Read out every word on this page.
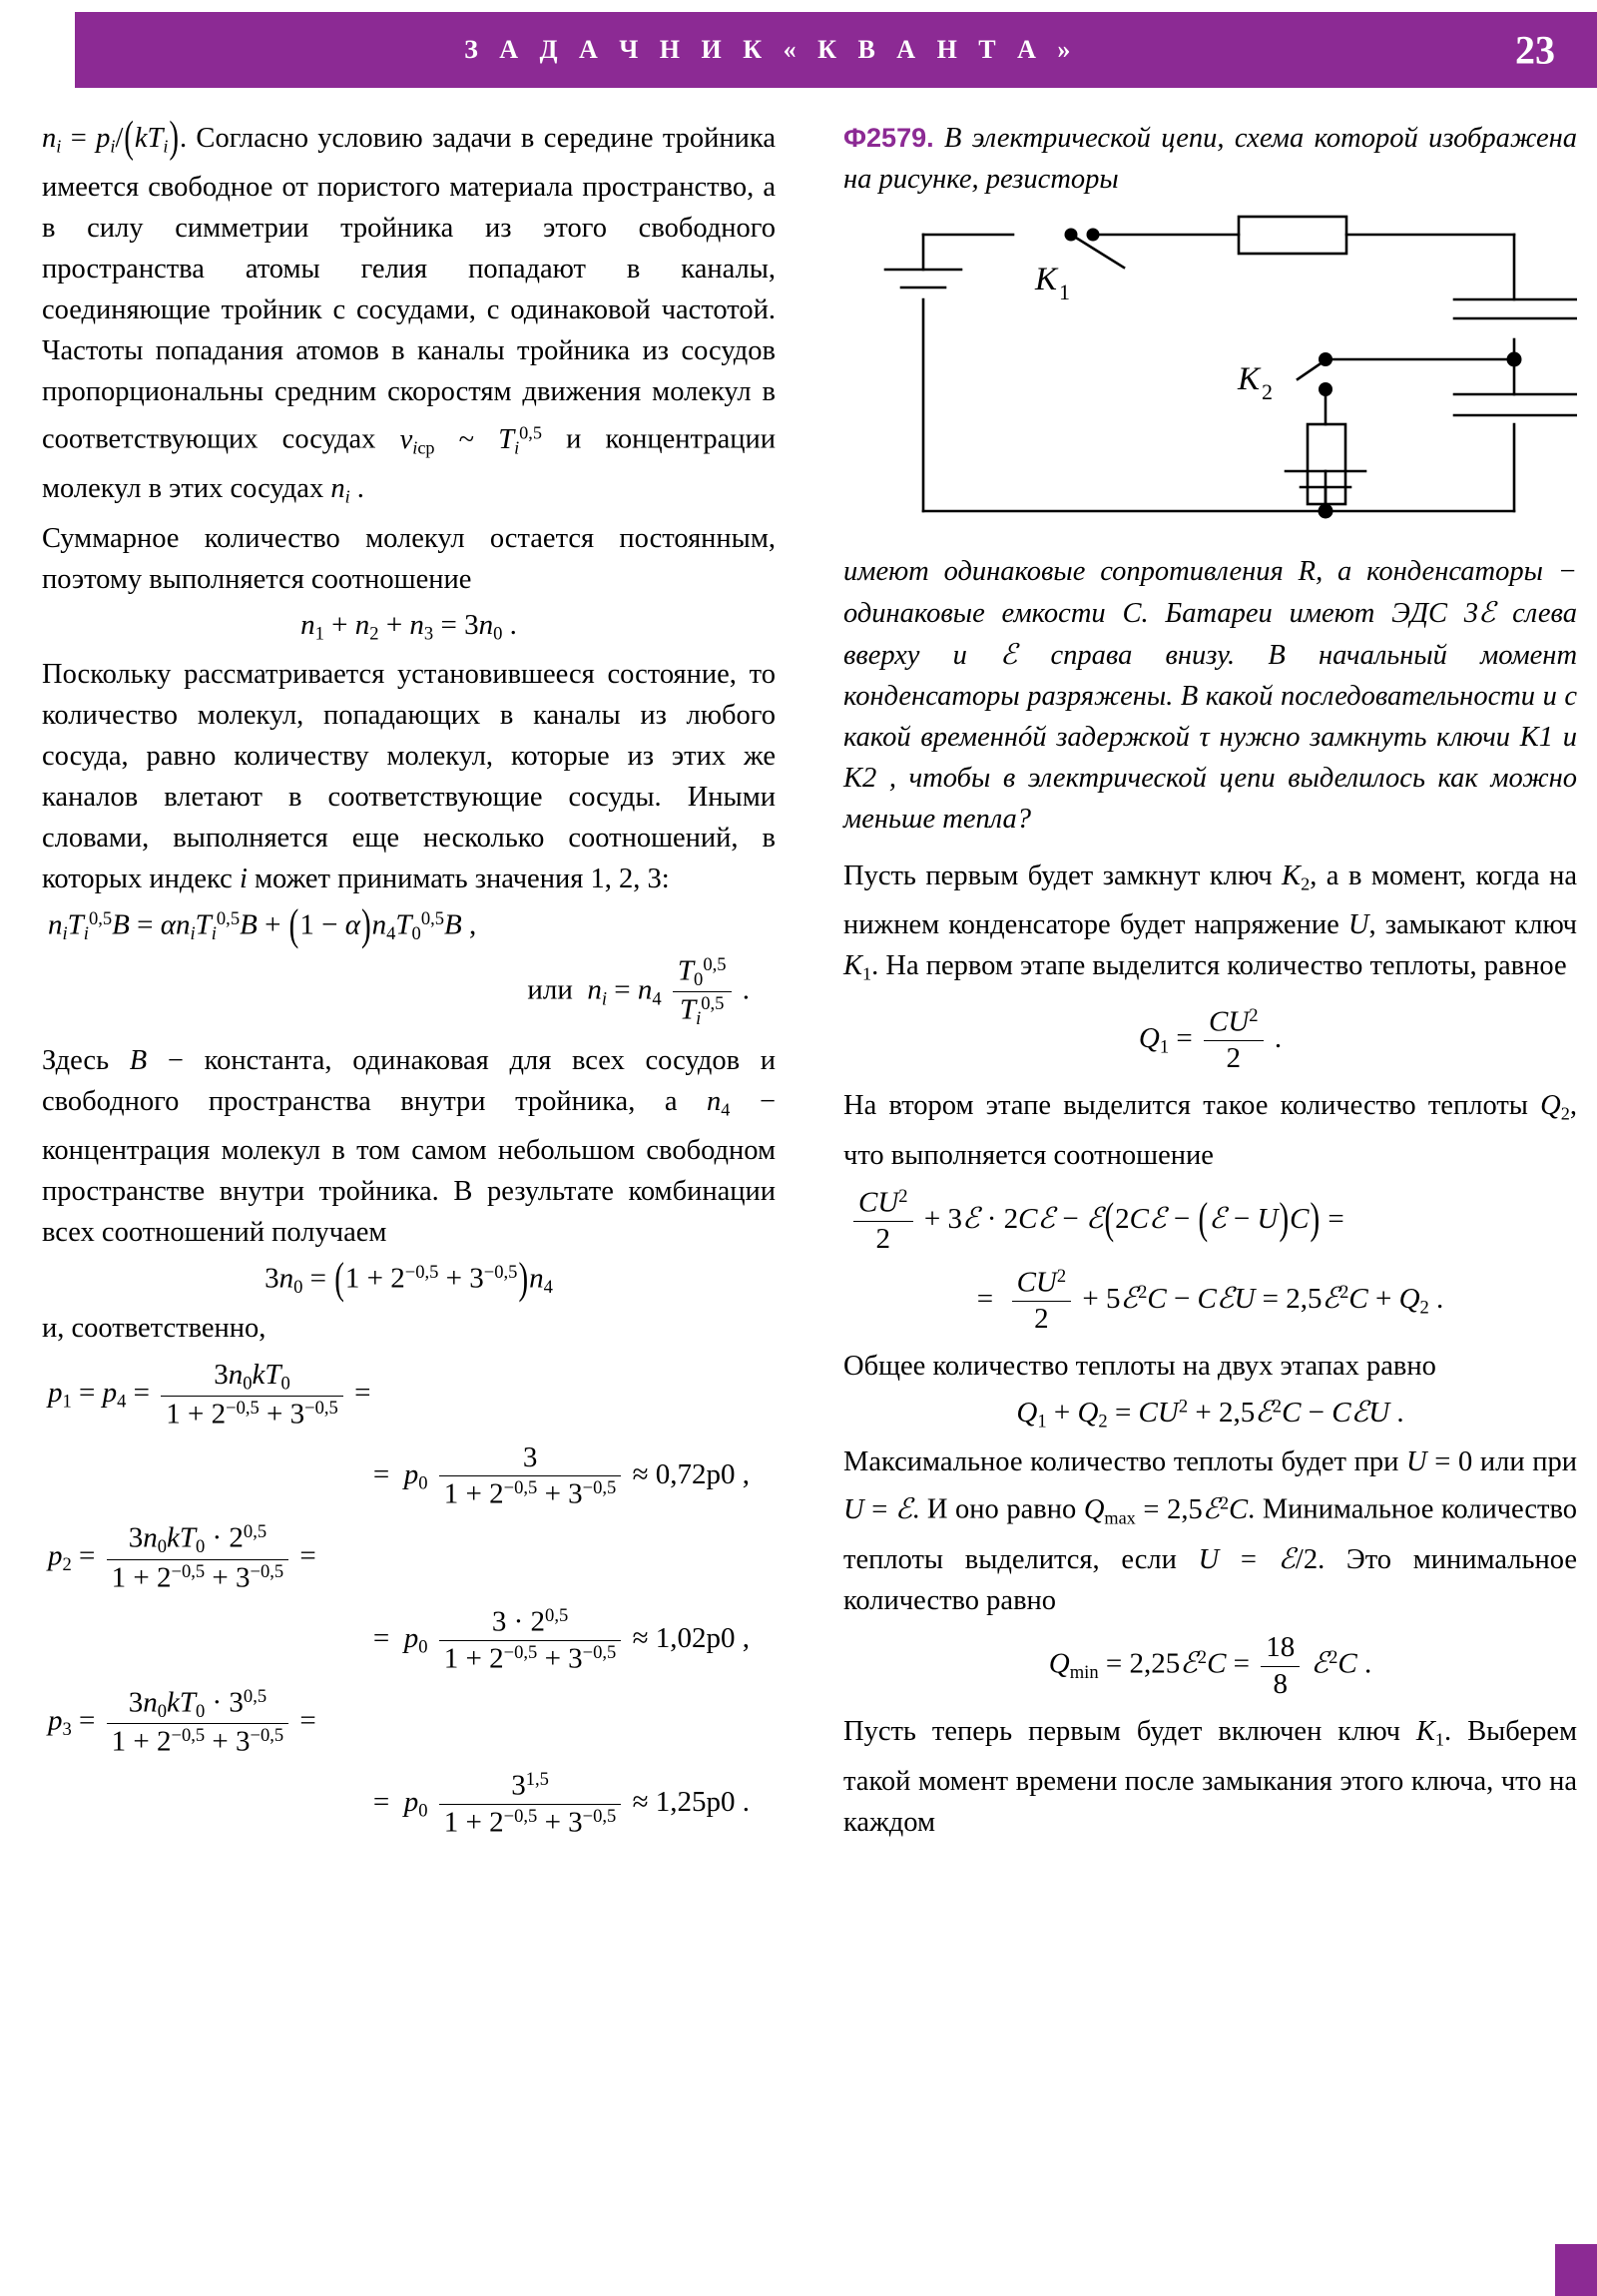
З А Д А Ч Н И К « К В А Н Т А »	23

$n_i = p_i/(kT_i)$. Согласно условию задачи в середине тройника имеется свободное от пористого материала пространство, а в силу симметрии тройника из этого свободного пространства атомы гелия попадают в каналы, соединяющие тройник с сосудами, с одинаковой частотой. Частоты попадания атомов в каналы тройника из сосудов пропорциональны средним скоростям движения молекул в соответствующих сосудах $v_iср$ ~ $T_i^{0,5}$ и концентрации молекул в этих сосудах $n_i$ .

Суммарное количество молекул остается постоянным, поэтому выполняется соотношение

n1 + n2 + n3 = 3n0 .

Поскольку рассматривается установившееся состояние, то количество молекул, попадающих в каналы из любого сосуда, равно количеству молекул, которые из этих же каналов влетают в соответствующие сосуды. Иными словами, выполняется еще несколько соотношений, в которых индекс i может принимать значения 1, 2, 3:

$n_iT_i^{0,5}B = \alpha n_iT_i^{0,5}B + (1 - \alpha)n4T0^{0,5}B$ ,
или $n_i = n4 \frac{T0^{0,5}}{T_i^{0,5}}$ .

Здесь B − константа, одинаковая для всех сосудов и свободного пространства внутри тройника, а n4 − концентрация молекул в том самом небольшом свободном пространстве внутри тройника. В результате комбинации всех соотношений получаем

$3n0 = (1 + 2^{-0,5} + 3^{-0,5})n4$

и, соответственно,

$p1 = p4 = \frac{3n0kT0}{1 + 2^{-0,5} + 3^{-0,5}}$ =
= $p0 \frac{3}{1 + 2^{-0,5} + 3^{-0,5}} \approx 0,72p0$ ,
$p2 = \frac{3n0kT0 \cdot 2^{0,5}}{1 + 2^{-0,5} + 3^{-0,5}}$ =
= $p0 \frac{3 \cdot 2^{0,5}}{1 + 2^{-0,5} + 3^{-0,5}} \approx 1,02p0$ ,
$p3 = \frac{3n0kT0 \cdot 3^{0,5}}{1 + 2^{-0,5} + 3^{-0,5}}$ =
= $p0 \frac{3^{1,5}}{1 + 2^{-0,5} + 3^{-0,5}} \approx 1,25p0$ .

Ф2579. В электрической цепи, схема которой изображена на рисунке, резисторы

K 1
K 2

имеют одинаковые сопротивления R, а конденсаторы − одинаковые емкости C. Батареи имеют ЭДС 3ℰ слева вверху и ℰ справа внизу. В начальный момент конденсаторы разряжены. В какой последовательности и с какой временнóй задержкой τ нужно замкнуть ключи K1 и K2 , чтобы в электрической цепи выделилось как можно меньше тепла?

Пусть первым будет замкнут ключ K2, а в момент, когда на нижнем конденсаторе будет напряжение U, замыкают ключ K1. На первом этапе выделится количество теплоты, равное

$Q1 = \frac{CU^2}{2}$ .

На втором этапе выделится такое количество теплоты Q2, что выполняется соотношение

$\frac{CU^2}{2}$ + 3ℰ · 2Cℰ − ℰ(2Cℰ − (ℰ − U)C) =
= $\frac{CU^2}{2}$ + 5ℰ$^2$C − CℰU = 2,5ℰ$^2$C + Q2 .

Общее количество теплоты на двух этапах равно

$Q1 + Q2 = CU^2$ + 2,5ℰ$^2$C − CℰU .

Максимальное количество теплоты будет при U = 0 или при U = ℰ. И оно равно Qmax = 2,5ℰ$^2$C. Минимальное количество теплоты выделится, если U = ℰ/2. Это минимальное количество равно

Qmin = 2,25ℰ$^2$C = $\frac{18}{8}$ ℰ$^2$C .

Пусть теперь первым будет включен ключ K1. Выберем такой момент времени после замыкания этого ключа, что на каждом
